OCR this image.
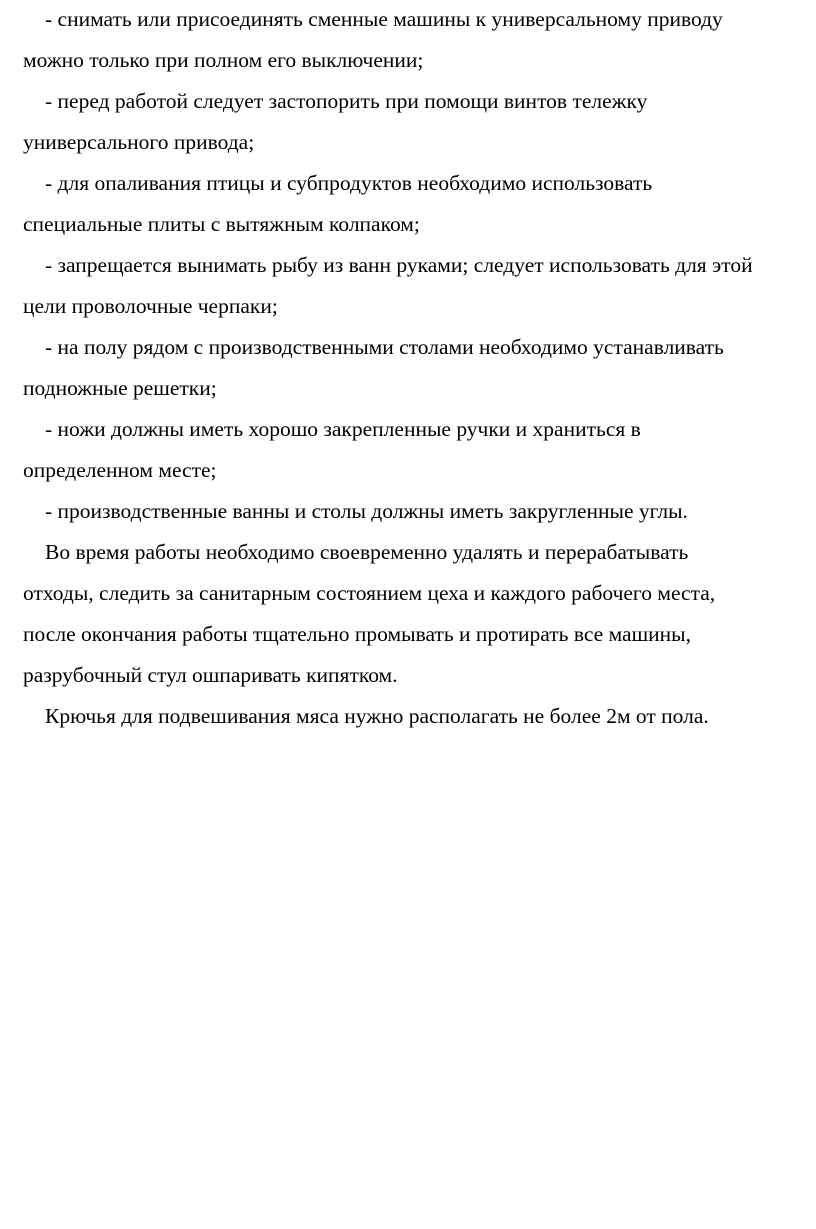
- снимать или присоединять сменные машины к универсальному приводу
можно только при полном его выключении;

- перед работой следует застопорить при помощи винтов тележку
универсального привода;

- для опаливания птицы и субпродуктов необходимо использовать
специальные плиты с вытяжным колпаком;

- запрещается вынимать рыбу из ванн руками; следует использовать для этой
цели проволочные черпаки;

- на полу рядом с производственными столами необходимо устанавливать
подножные решетки;

- ножи должны иметь хорошо закрепленные ручки и храниться в
определенном месте;

- производственные ванны и столы должны иметь закругленные углы.

Во время работы необходимо своевременно удалять и перерабатывать
отходы, следить за санитарным состоянием цеха и каждого рабочего места,
после окончания работы тщательно промывать и протирать все машины,
разрубочный стул ошпаривать кипятком.

Крючья для подвешивания мяса нужно располагать не более 2м от пола.
